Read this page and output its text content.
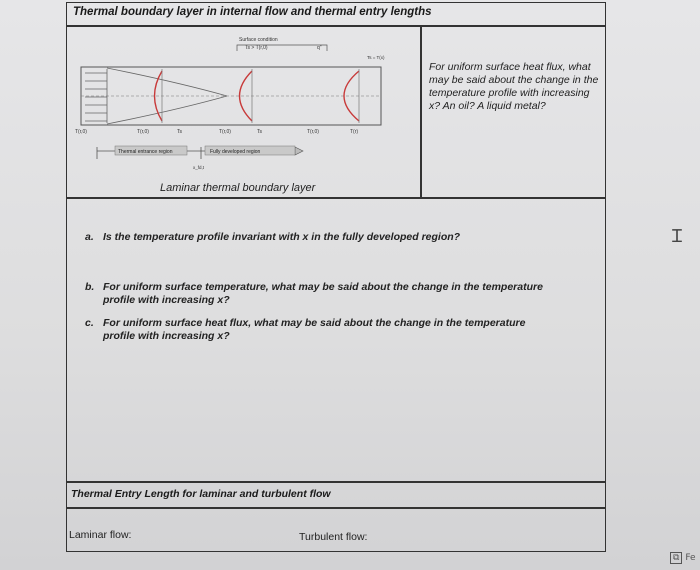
Thermal boundary layer in internal flow and thermal entry lengths
Surface condition
Ts > T(r,0)	q"
Ts = T(x)
T(r,0)	T(r,0)	T(r,0)	T(r,0)	T(r)
Ts	Ts
Thermal entrance region	Fully developed region
x_fd,t
Laminar thermal boundary layer
For uniform surface heat flux, what may be said about the change in the temperature profile with increasing x? An oil? A liquid metal?
a. Is the temperature profile invariant with x in the fully developed region?
b. For uniform surface temperature, what may be said about the change in the temperature
profile with increasing x?
c. For uniform surface heat flux, what may be said about the change in the temperature
profile with increasing x?
Thermal Entry Length for laminar and turbulent flow
Laminar flow:	Turbulent flow:
Ɪ
⧉ Fe
